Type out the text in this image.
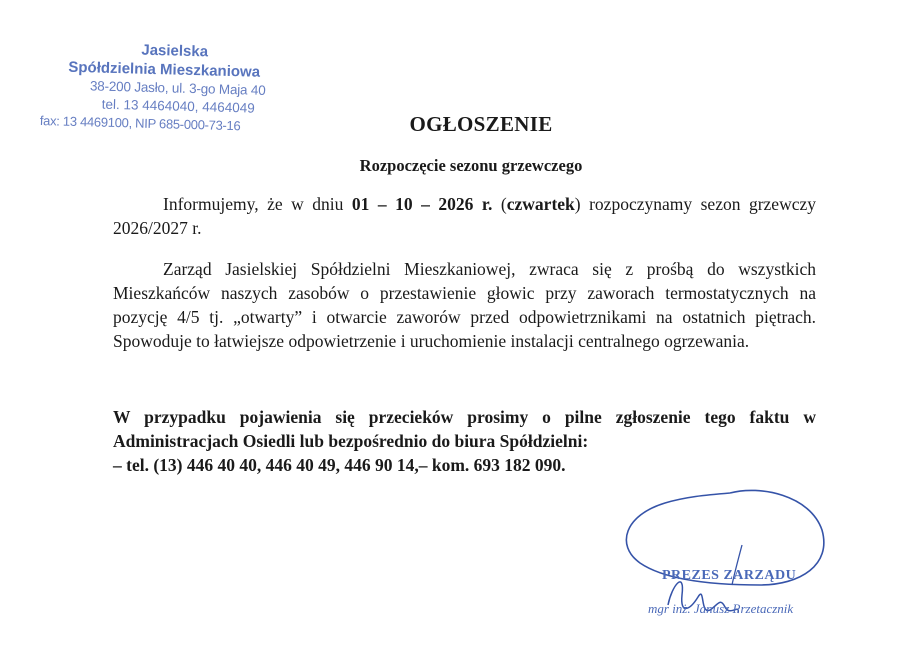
Jasielska
Spółdzielnia Mieszkaniowa
38-200 Jasło, ul. 3-go Maja 40
tel. 13 4464040, 4464049
fax: 13 4469100, NIP 685-000-73-16	OGŁOSZENIE
Rozpoczęcie sezonu grzewczego
Informujemy, że w dniu 01 – 10 – 2026 r. (czwartek) rozpoczynamy sezon grzewczy 2026/2027 r.
Zarząd Jasielskiej Spółdzielni Mieszkaniowej, zwraca się z prośbą do wszystkich Mieszkańców naszych zasobów o przestawienie głowic przy zaworach termostatycznych na pozycję 4/5 tj. „otwarty” i otwarcie zaworów przed odpowietrznikami na ostatnich piętrach. Spowoduje to łatwiejsze odpowietrzenie i uruchomienie instalacji centralnego ogrzewania.
W przypadku pojawienia się przecieków prosimy o pilne zgłoszenie tego faktu w Administracjach Osiedli lub bezpośrednio do biura Spółdzielni:
– tel. (13) 446 40 40, 446 40 49, 446 90 14,– kom. 693 182 090.
PREZES ZARZĄDU
mgr inż. Janusz Przetacznik
